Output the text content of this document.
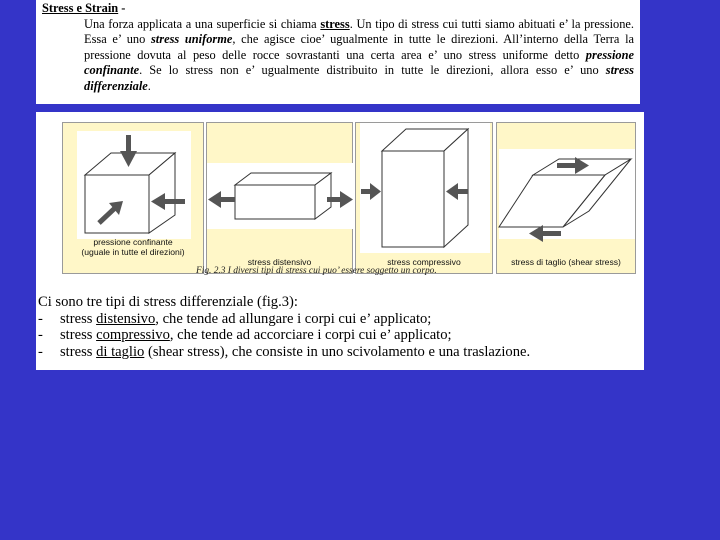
Stress e Strain -

Una forza applicata a una superficie si chiama stress. Un tipo di stress cui tutti siamo abituati e’ la pressione. Essa e’ uno stress uniforme, che agisce cioe’ ugualmente in tutte le direzioni. All’interno della Terra la pressione dovuta al peso delle rocce sovrastanti una certa area e’ uno stress uniforme detto pressione confinante. Se lo stress non e’ ugualmente distribuito in tutte le direzioni, allora esso e’ uno stress differenziale.

pressione confinante
(uguale in tutte el direzioni)
stress distensivo	stress compressivo	stress di taglio (shear stress)
Fig. 2.3 I diversi tipi di stress cui puo’ essere soggetto un corpo.

Ci sono tre tipi di stress differenziale (fig.3):

-	stress distensivo, che tende ad allungare i corpi cui e’ applicato;
-	stress compressivo, che tende ad accorciare i corpi cui e’ applicato;
-	stress di taglio (shear stress), che consiste in uno scivolamento e una traslazione.
